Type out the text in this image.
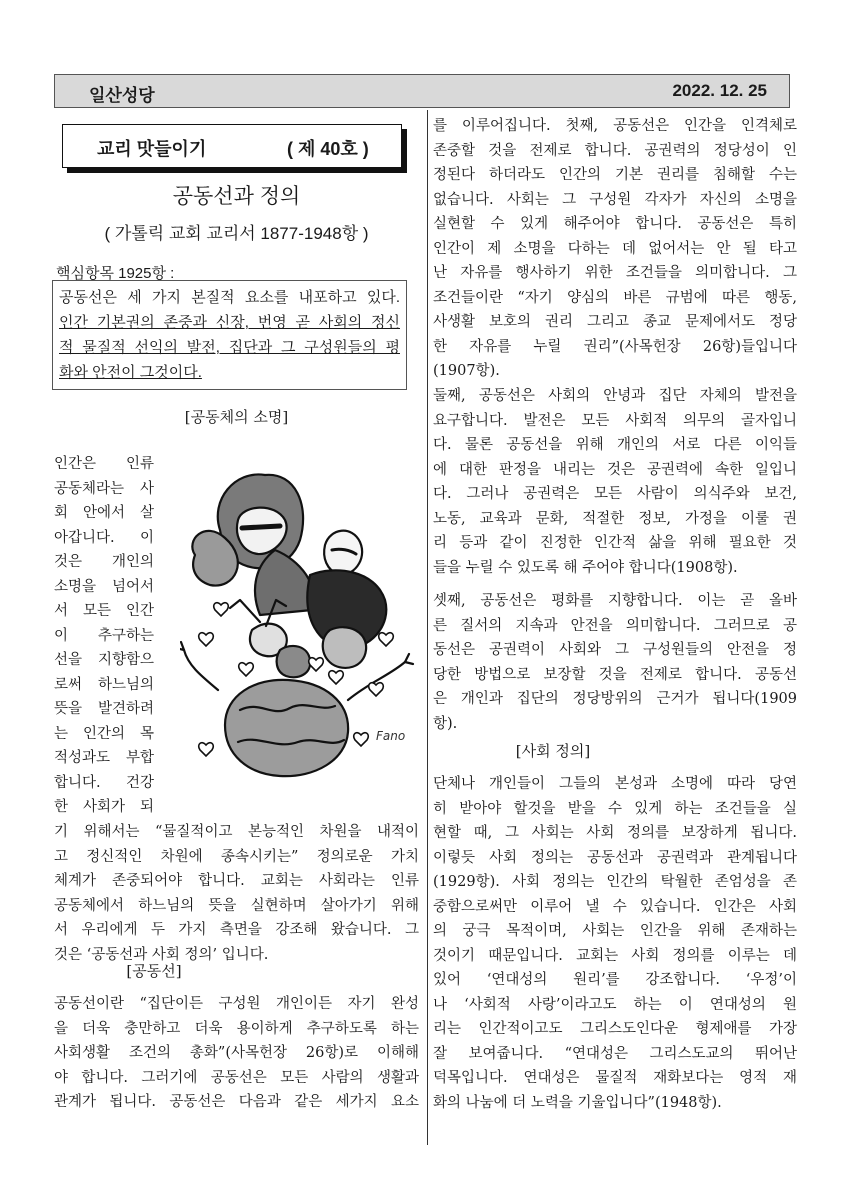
일산성당	2022. 12. 25
교리 맛들이기	( 제 40호 )
공동선과 정의
( 가톨릭 교회 교리서 1877-1948항 )
핵심항목 1925항 :
공동선은 세 가지 본질적 요소를 내포하고 있다.
인간 기본권의 존중과 신장, 번영 곧 사회의 정신
적 물질적 선익의 발전, 집단과 그 구성원들의 평
화와 안전이 그것이다.
[공동체의 소명]
인간은 인류
공동체라는 사
회 안에서 살
아갑니다. 이
것은 개인의
소명을 넘어서
서 모든 인간
이 추구하는
선을 지향함으
로써 하느님의
뜻을 발견하려
는 인간의 목
적성과도 부합
합니다. 건강
한 사회가 되
Fano
기 위해서는 “물질적이고 본능적인 차원을 내적이
고 정신적인 차원에 종속시키는” 정의로운 가치
체계가 존중되어야 합니다. 교회는 사회라는 인류
공동체에서 하느님의 뜻을 실현하며 살아가기 위해
서 우리에게 두 가지 측면을 강조해 왔습니다. 그
것은 ‘공동선과 사회 정의’ 입니다.
[공동선]
공동선이란 “집단이든 구성원 개인이든 자기 완성
을 더욱 충만하고 더욱 용이하게 추구하도록 하는
사회생활 조건의 총화”(사목헌장 26항)로 이해해
야 합니다. 그러기에 공동선은 모든 사람의 생활과
관계가 됩니다. 공동선은 다음과 같은 세가지 요소
를 이루어집니다. 첫째, 공동선은 인간을 인격체로
존중할 것을 전제로 합니다. 공권력의 정당성이 인
정된다 하더라도 인간의 기본 권리를 침해할 수는
없습니다. 사회는 그 구성원 각자가 자신의 소명을
실현할 수 있게 해주어야 합니다. 공동선은 특히
인간이 제 소명을 다하는 데 없어서는 안 될 타고
난 자유를 행사하기 위한 조건들을 의미합니다. 그
조건들이란 “자기 양심의 바른 규범에 따른 행동,
사생활 보호의 권리 그리고 종교 문제에서도 정당
한 자유를 누릴 권리”(사목헌장 26항)들입니다
(1907항).
둘째, 공동선은 사회의 안녕과 집단 자체의 발전을
요구합니다. 발전은 모든 사회적 의무의 골자입니
다. 물론 공동선을 위해 개인의 서로 다른 이익들
에 대한 판정을 내리는 것은 공권력에 속한 일입니
다. 그러나 공권력은 모든 사람이 의식주와 보건,
노동, 교육과 문화, 적절한 정보, 가정을 이룰 권
리 등과 같이 진정한 인간적 삶을 위해 필요한 것
들을 누릴 수 있도록 해 주어야 합니다(1908항).
셋째, 공동선은 평화를 지향합니다. 이는 곧 올바
른 질서의 지속과 안전을 의미합니다. 그러므로 공
동선은 공권력이 사회와 그 구성원들의 안전을 정
당한 방법으로 보장할 것을 전제로 합니다. 공동선
은 개인과 집단의 정당방위의 근거가 됩니다(1909
항).
[사회 정의]
단체나 개인들이 그들의 본성과 소명에 따라 당연
히 받아야 할것을 받을 수 있게 하는 조건들을 실
현할 때, 그 사회는 사회 정의를 보장하게 됩니다.
이렇듯 사회 정의는 공동선과 공권력과 관계됩니다
(1929항). 사회 정의는 인간의 탁월한 존엄성을 존
중함으로써만 이루어 낼 수 있습니다. 인간은 사회
의 궁극 목적이며, 사회는 인간을 위해 존재하는
것이기 때문입니다. 교회는 사회 정의를 이루는 데
있어 ‘연대성의 원리’를 강조합니다. ‘우정’이
나 ‘사회적 사랑’이라고도 하는 이 연대성의 원
리는 인간적이고도 그리스도인다운 형제애를 가장
잘 보여줍니다. “연대성은 그리스도교의 뛰어난
덕목입니다. 연대성은 물질적 재화보다는 영적 재
화의 나눔에 더 노력을 기울입니다”(1948항).
